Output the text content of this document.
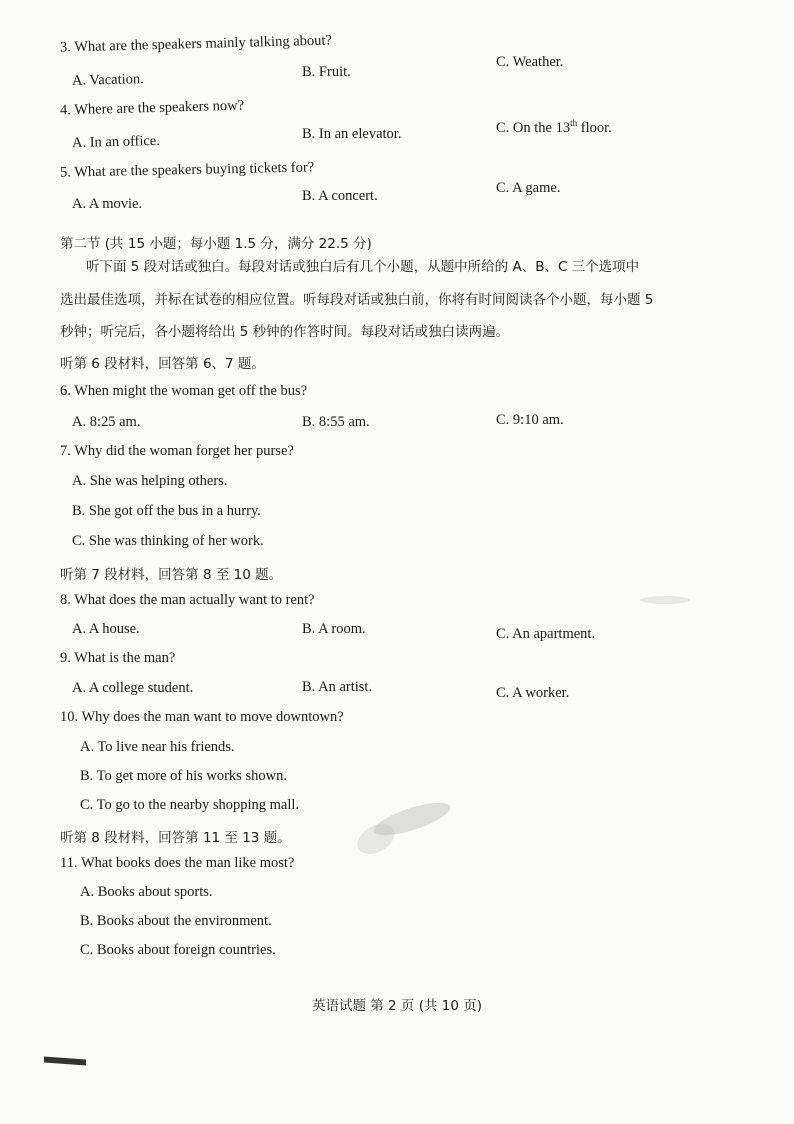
3. What are the speakers mainly talking about?
A. Vacation.	B. Fruit.
C. Weather.
4. Where are the speakers now?
A. In an office.	B. In an elevator.	C. On the 13th floor.
5. What are the speakers buying tickets for?
A. A movie.	B. A concert.	C. A game.
第二节 (共 15 小题；每小题 1.5 分，满分 22.5 分)
听下面 5 段对话或独白。每段对话或独白后有几个小题，从题中所给的 A、B、C 三个选项中
选出最佳选项，并标在试卷的相应位置。听每段对话或独白前，你将有时间阅读各个小题，每小题 5
秒钟；听完后，各小题将给出 5 秒钟的作答时间。每段对话或独白读两遍。
听第 6 段材料，回答第 6、7 题。
6. When might the woman get off the bus?
A. 8:25 am.	B. 8:55 am.	C. 9:10 am.
7. Why did the woman forget her purse?
A. She was helping others.
B. She got off the bus in a hurry.
C. She was thinking of her work.
听第 7 段材料，回答第 8 至 10 题。
8. What does the man actually want to rent?
A. A house.	B. A room.	C. An apartment.
9. What is the man?
A. A college student.	B. An artist.	C. A worker.
10. Why does the man want to move downtown?
A. To live near his friends.
B. To get more of his works shown.
C. To go to the nearby shopping mall.
听第 8 段材料，回答第 11 至 13 题。
11. What books does the man like most?
A. Books about sports.
B. Books about the environment.
C. Books about foreign countries.
英语试题 第 2 页 (共 10 页)
